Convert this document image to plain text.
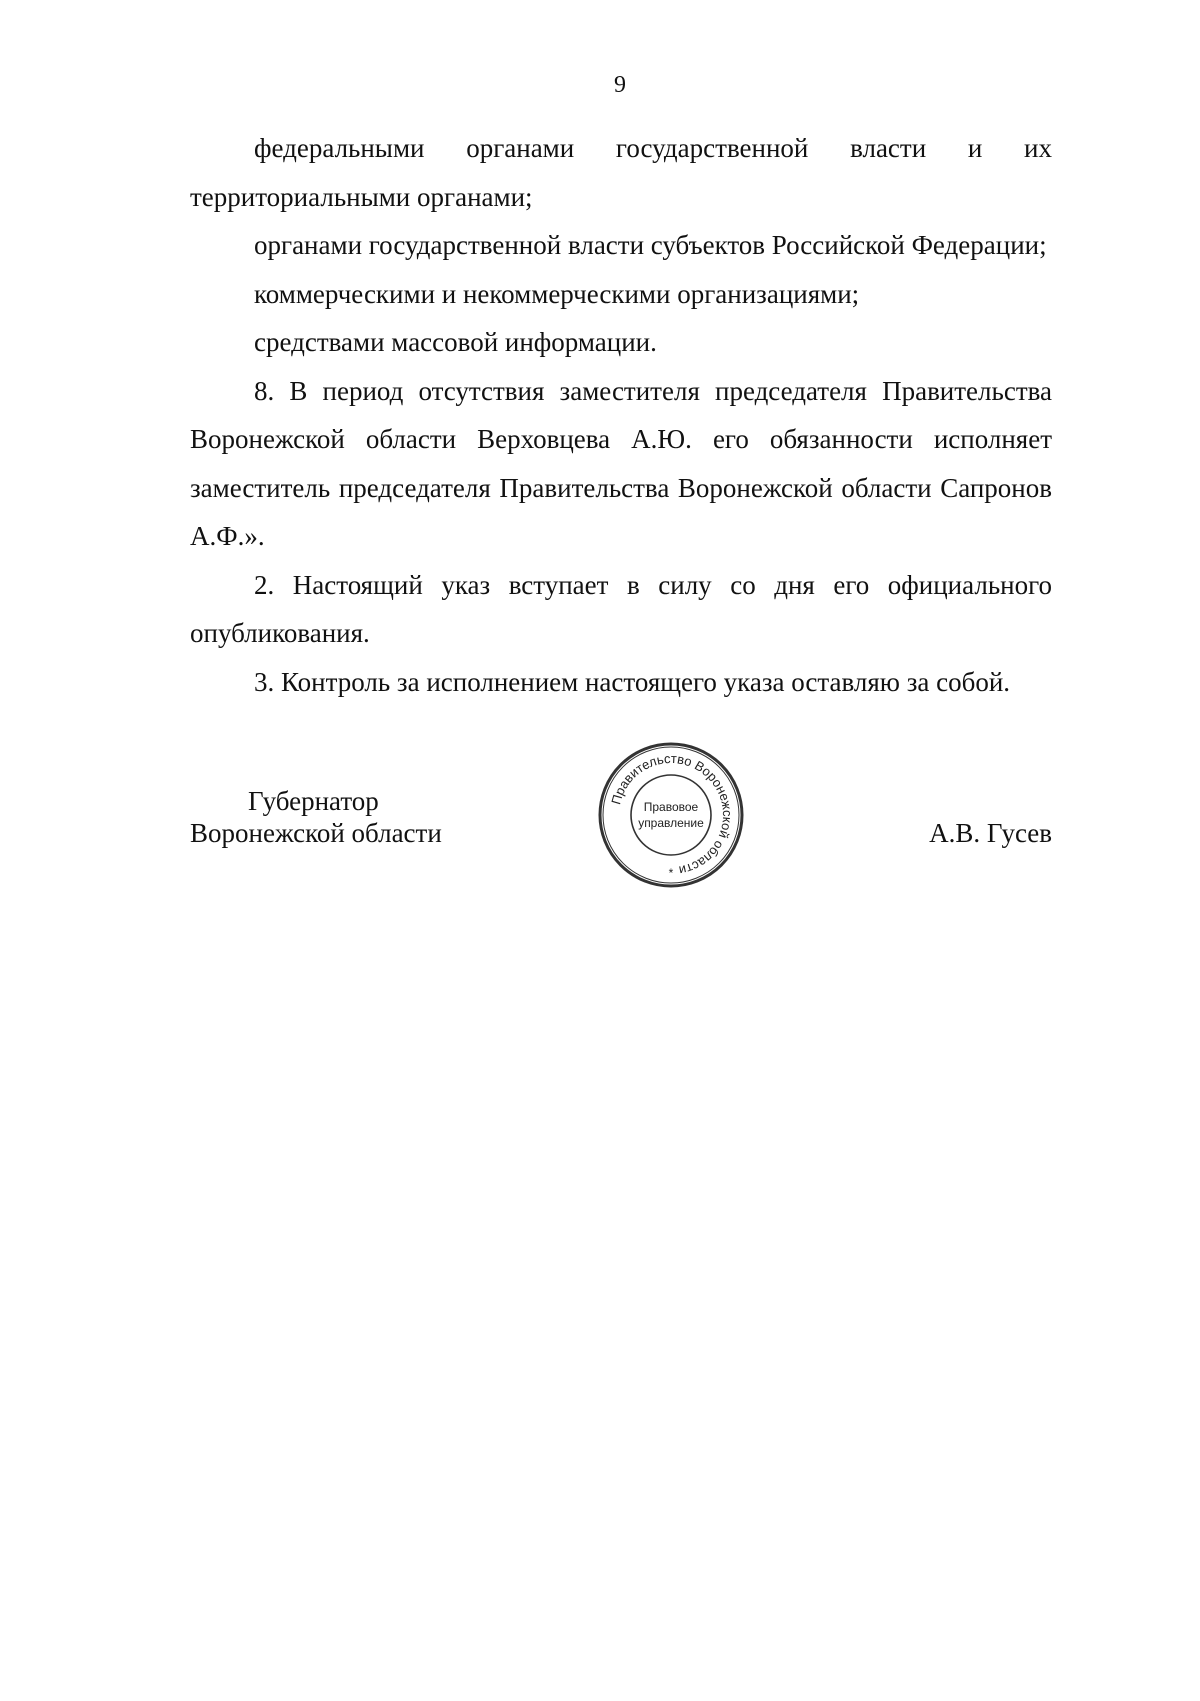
9

федеральными органами государственной власти и их территориальными органами;

органами государственной власти субъектов Российской Федерации;

коммерческими и некоммерческими организациями;

средствами массовой информации.

8. В период отсутствия заместителя председателя Правительства Воронежской области Верховцева А.Ю. его обязанности исполняет заместитель председателя Правительства Воронежской области Сапронов А.Ф.».

2. Настоящий указ вступает в силу со дня его официального опубликования.

3. Контроль за исполнением настоящего указа оставляю за собой.

Губернатор
Воронежской области
Правительство Воронежской области
Правовое
управление
*
А.В. Гусев
